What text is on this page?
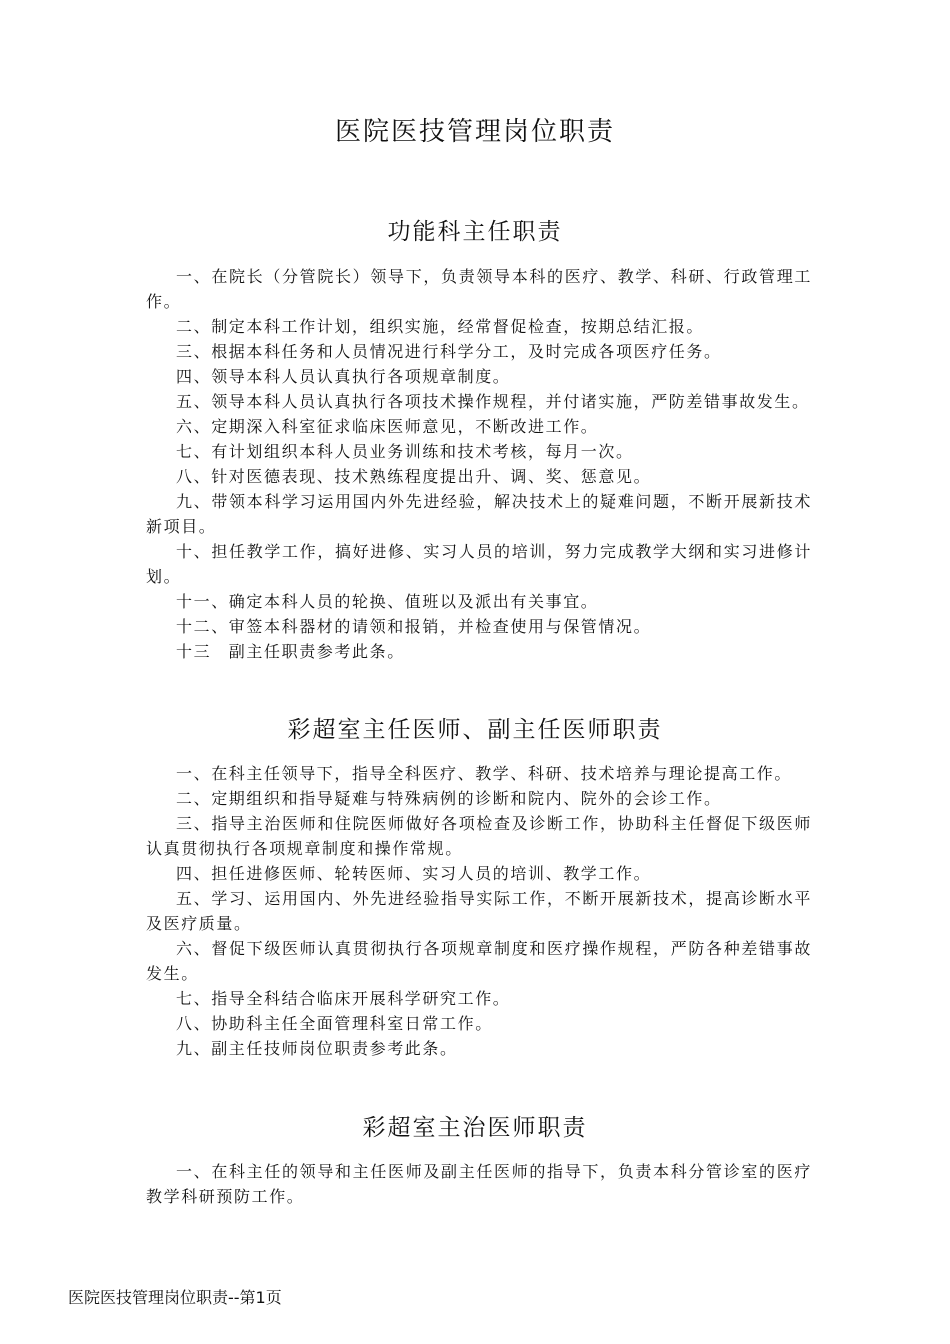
医院医技管理岗位职责
功能科主任职责

一、在院长（分管院长）领导下，负责领导本科的医疗、教学、科研、行政管理工作。

二、制定本科工作计划，组织实施，经常督促检查，按期总结汇报。

三、根据本科任务和人员情况进行科学分工，及时完成各项医疗任务。

四、领导本科人员认真执行各项规章制度。

五、领导本科人员认真执行各项技术操作规程，并付诸实施，严防差错事故发生。

六、定期深入科室征求临床医师意见，不断改进工作。

七、有计划组织本科人员业务训练和技术考核，每月一次。

八、针对医德表现、技术熟练程度提出升、调、奖、惩意见。

九、带领本科学习运用国内外先进经验，解决技术上的疑难问题，不断开展新技术新项目。

十、担任教学工作，搞好进修、实习人员的培训，努力完成教学大纲和实习进修计划。

十一、确定本科人员的轮换、值班以及派出有关事宜。

十二、审签本科器材的请领和报销，并检查使用与保管情况。

十三　副主任职责参考此条。

彩超室主任医师、副主任医师职责

一、在科主任领导下，指导全科医疗、教学、科研、技术培养与理论提高工作。

二、定期组织和指导疑难与特殊病例的诊断和院内、院外的会诊工作。

三、指导主治医师和住院医师做好各项检查及诊断工作，协助科主任督促下级医师认真贯彻执行各项规章制度和操作常规。

四、担任进修医师、轮转医师、实习人员的培训、教学工作。

五、学习、运用国内、外先进经验指导实际工作，不断开展新技术，提高诊断水平及医疗质量。

六、督促下级医师认真贯彻执行各项规章制度和医疗操作规程，严防各种差错事故发生。

七、指导全科结合临床开展科学研究工作。

八、协助科主任全面管理科室日常工作。

九、副主任技师岗位职责参考此条。

彩超室主治医师职责

一、在科主任的领导和主任医师及副主任医师的指导下，负责本科分管诊室的医疗教学科研预防工作。

医院医技管理岗位职责--第1页
